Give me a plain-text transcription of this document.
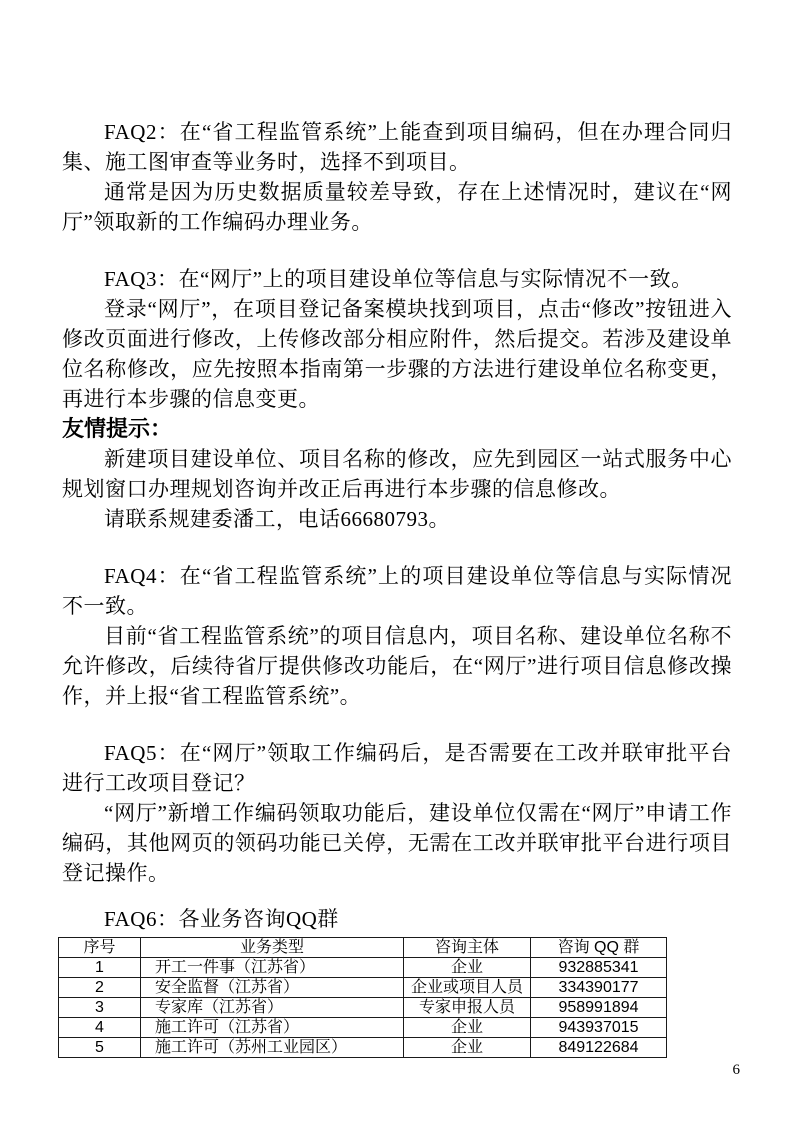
FAQ2：在“省工程监管系统”上能查到项目编码，但在办理合同归集、施工图审查等业务时，选择不到项目。

通常是因为历史数据质量较差导致，存在上述情况时，建议在“网厅”领取新的工作编码办理业务。

FAQ3：在“网厅”上的项目建设单位等信息与实际情况不一致。

登录“网厅”，在项目登记备案模块找到项目，点击“修改”按钮进入修改页面进行修改，上传修改部分相应附件，然后提交。若涉及建设单位名称修改，应先按照本指南第一步骤的方法进行建设单位名称变更，再进行本步骤的信息变更。

友情提示：

新建项目建设单位、项目名称的修改，应先到园区一站式服务中心规划窗口办理规划咨询并改正后再进行本步骤的信息修改。

请联系规建委潘工，电话66680793。

FAQ4：在“省工程监管系统”上的项目建设单位等信息与实际情况不一致。

目前“省工程监管系统”的项目信息内，项目名称、建设单位名称不允许修改，后续待省厅提供修改功能后，在“网厅”进行项目信息修改操作，并上报“省工程监管系统”。

FAQ5：在“网厅”领取工作编码后，是否需要在工改并联审批平台进行工改项目登记？

“网厅”新增工作编码领取功能后，建设单位仅需在“网厅”申请工作编码，其他网页的领码功能已关停，无需在工改并联审批平台进行项目登记操作。

FAQ6：各业务咨询QQ群

序号	业务类型	咨询主体	咨询 QQ 群
1	开工一件事（江苏省）	企业	932885341
2	安全监督（江苏省）	企业或项目人员	334390177
3	专家库（江苏省）	专家申报人员	958991894
4	施工许可（江苏省）	企业	943937015
5	施工许可（苏州工业园区）	企业	849122684
6
